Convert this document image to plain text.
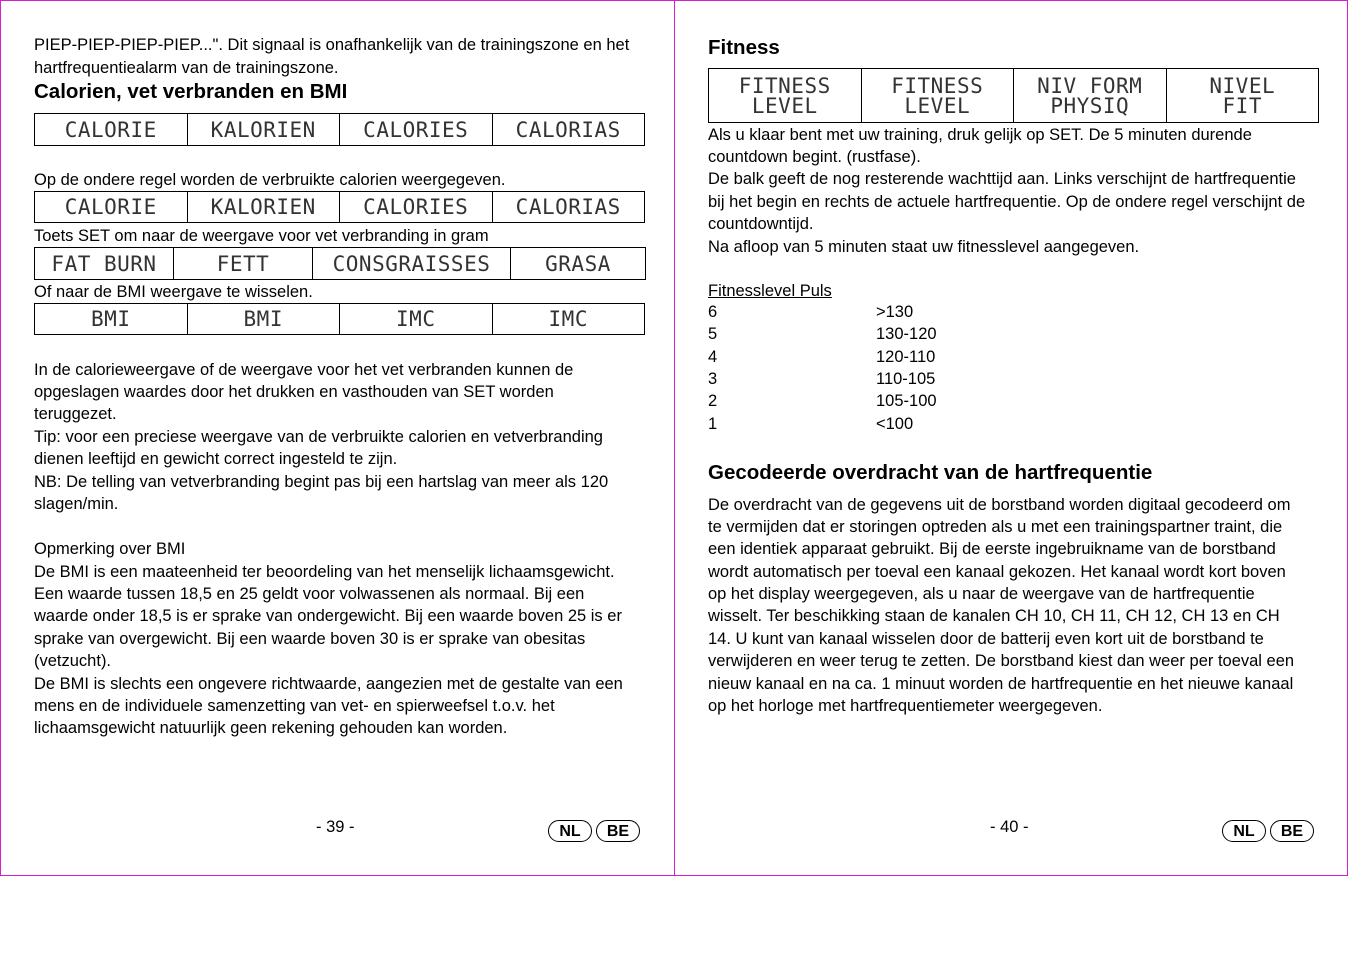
PIEP-PIEP-PIEP-PIEP...". Dit signaal is onafhankelijk van de trainingszone en het
hartfrequentiealarm van de trainingszone.
Calorien, vet verbranden en BMI
CALORIE	KALORIEN	CALORIES	CALORIAS
Op de ondere regel worden de verbruikte calorien weergegeven.
CALORIE	KALORIEN	CALORIES	CALORIAS
Toets SET om naar de weergave voor vet verbranding in gram
FAT BURN	FETT	CONSGRAISSES	GRASA
Of naar de BMI weergave te wisselen.
BMI	BMI	IMC	IMC
In de calorieweergave of de weergave voor het vet verbranden kunnen de
opgeslagen waardes door het drukken en vasthouden van SET worden
teruggezet.
Tip: voor een preciese weergave van de verbruikte calorien en vetverbranding
dienen leeftijd en gewicht correct ingesteld te zijn.
NB: De telling van vetverbranding begint pas bij een hartslag van meer als 120
slagen/min.
Opmerking over BMI
De BMI is een maateenheid ter beoordeling van het menselijk lichaamsgewicht.
Een waarde tussen 18,5 en 25 geldt voor volwassenen als normaal. Bij een
waarde onder 18,5 is er sprake van ondergewicht. Bij een waarde boven 25 is er
sprake van overgewicht. Bij een waarde boven 30 is er sprake van obesitas
(vetzucht).
De BMI is slechts een ongevere richtwaarde, aangezien met de gestalte van een
mens en de individuele samenzetting van vet- en spierweefsel t.o.v. het
lichaamsgewicht natuurlijk geen rekening gehouden kan worden.
- 39 -	NL	BE
Fitness
FITNESS
LEVEL

FITNESS
LEVEL

NIV FORM
PHYSIQ

NIVEL
FIT
Als u klaar bent met uw training, druk gelijk op SET. De 5 minuten durende
countdown begint. (rustfase).
De balk geeft de nog resterende wachttijd aan. Links verschijnt de hartfrequentie
bij het begin en rechts de actuele hartfrequentie. Op de ondere regel verschijnt de
countdowntijd.
Na afloop van 5 minuten staat uw fitnesslevel aangegeven.
Fitnesslevel Puls
6	>130
5	130-120
4	120-110
3	110-105
2	105-100
1	<100
Gecodeerde overdracht van de hartfrequentie
De overdracht van de gegevens uit de borstband worden digitaal gecodeerd om
te vermijden dat er storingen optreden als u met een trainingspartner traint, die
een identiek apparaat gebruikt. Bij de eerste ingebruikname van de borstband
wordt automatisch per toeval een kanaal gekozen. Het kanaal wordt kort boven
op het display weergegeven, als u naar de weergave van de hartfrequentie
wisselt. Ter beschikking staan de kanalen CH 10, CH 11, CH 12, CH 13 en CH
14. U kunt van kanaal wisselen door de batterij even kort uit de borstband te
verwijderen en weer terug te zetten. De borstband kiest dan weer per toeval een
nieuw kanaal en na ca. 1 minuut worden de hartfrequentie en het nieuwe kanaal
op het horloge met hartfrequentiemeter weergegeven.
- 40 -	NL	BE
